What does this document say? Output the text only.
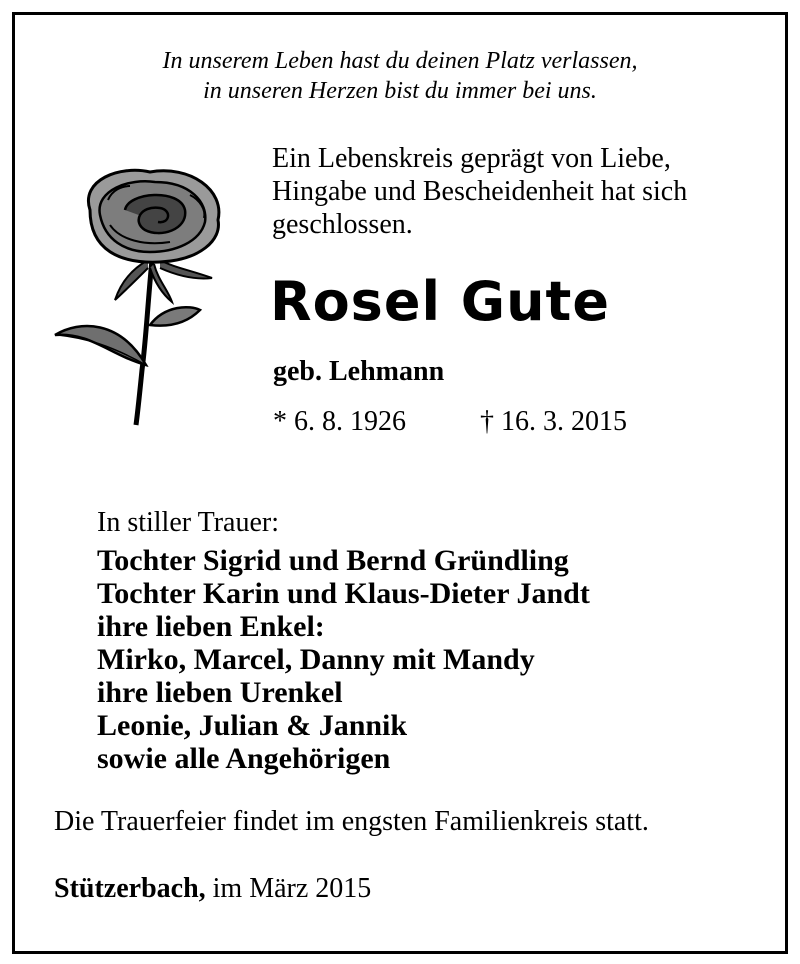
In unserem Leben hast du deinen Platz verlassen,
in unseren Herzen bist du immer bei uns.
Ein Lebenskreis geprägt von Liebe,
Hingabe und Bescheidenheit hat sich
geschlossen.
Rosel Gute
geb. Lehmann
* 6. 8. 1926	† 16. 3. 2015
In stiller Trauer:
Tochter Sigrid und Bernd Gründling
Tochter Karin und Klaus-Dieter Jandt
ihre lieben Enkel:
Mirko, Marcel, Danny mit Mandy
ihre lieben Urenkel
Leonie, Julian & Jannik
sowie alle Angehörigen
Die Trauerfeier findet im engsten Familienkreis statt.
Stützerbach, im März 2015
